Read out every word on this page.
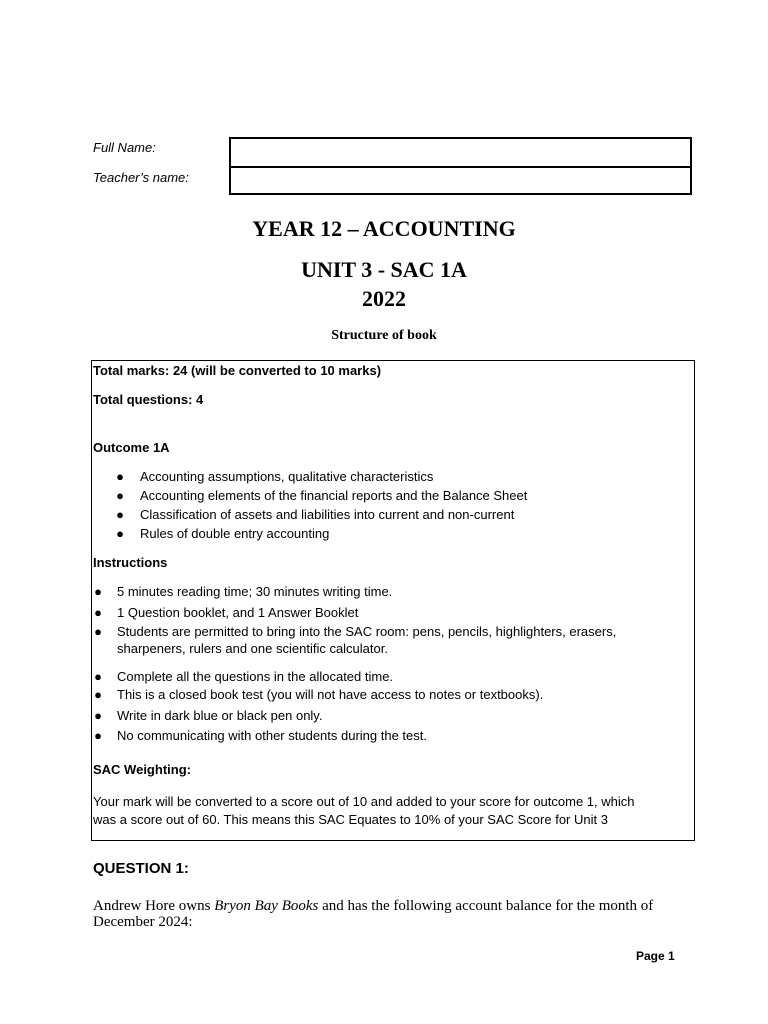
Full Name:
Teacher’s name:
YEAR 12 – ACCOUNTING
UNIT 3 - SAC 1A
2022
Structure of book
Total marks: 24 (will be converted to 10 marks)
Total questions: 4
Outcome 1A
● Accounting assumptions, qualitative characteristics
● Accounting elements of the financial reports and the Balance Sheet
● Classification of assets and liabilities into current and non-current
● Rules of double entry accounting
Instructions
● 5 minutes reading time; 30 minutes writing time.
● 1 Question booklet, and 1 Answer Booklet
● Students are permitted to bring into the SAC room: pens, pencils, highlighters, erasers,
sharpeners, rulers and one scientific calculator.
● Complete all the questions in the allocated time.
● This is a closed book test (you will not have access to notes or textbooks).
● Write in dark blue or black pen only.
● No communicating with other students during the test.
SAC Weighting:
Your mark will be converted to a score out of 10 and added to your score for outcome 1, which
was a score out of 60. This means this SAC Equates to 10% of your SAC Score for Unit 3
QUESTION 1:
Andrew Hore owns Bryon Bay Books and has the following account balance for the month of
December 2024:
Page 1
